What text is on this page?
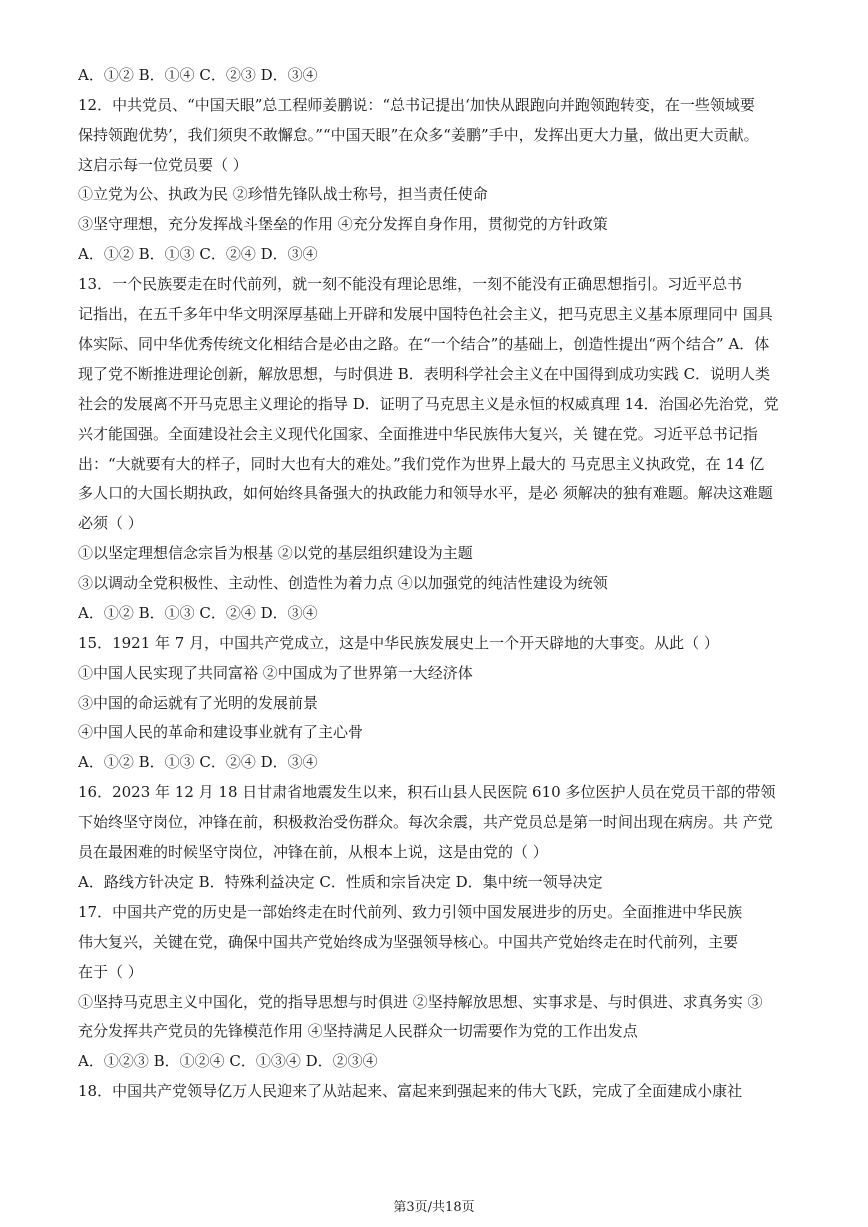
A．①② B．①④ C．②③ D．③④
12．中共党员、“中国天眼”总工程师姜鹏说：“总书记提出‘加快从跟跑向并跑领跑转变，在一些领域要
保持领跑优势’，我们须臾不敢懈怠。”“中国天眼”在众多“姜鹏”手中，发挥出更大力量，做出更大贡献。
这启示每一位党员要（ ）
①立党为公、执政为民 ②珍惜先锋队战士称号，担当责任使命
③坚守理想，充分发挥战斗堡垒的作用 ④充分发挥自身作用，贯彻党的方针政策
A．①② B．①③ C．②④ D．③④
13．一个民族要走在时代前列，就一刻不能没有理论思维，一刻不能没有正确思想指引。习近平总书
记指出，在五千多年中华文明深厚基础上开辟和发展中国特色社会主义，把马克思主义基本原理同中 国具
体实际、同中华优秀传统文化相结合是必由之路。在“一个结合”的基础上，创造性提出“两个结合” A．体
现了党不断推进理论创新，解放思想，与时俱进 B．表明科学社会主义在中国得到成功实践 C．说明人类
社会的发展离不开马克思主义理论的指导 D．证明了马克思主义是永恒的权威真理 14．治国必先治党，党
兴才能国强。全面建设社会主义现代化国家、全面推进中华民族伟大复兴，关 键在党。习近平总书记指
出：“大就要有大的样子，同时大也有大的难处。”我们党作为世界上最大的 马克思主义执政党，在 14 亿
多人口的大国长期执政，如何始终具备强大的执政能力和领导水平，是必 须解决的独有难题。解决这难题
必须（ ）
①以坚定理想信念宗旨为根基 ②以党的基层组织建设为主题
③以调动全党积极性、主动性、创造性为着力点 ④以加强党的纯洁性建设为统领
A．①② B．①③ C．②④ D．③④
15．1921 年 7 月，中国共产党成立，这是中华民族发展史上一个开天辟地的大事变。从此（ ）
①中国人民实现了共同富裕 ②中国成为了世界第一大经济体
③中国的命运就有了光明的发展前景
④中国人民的革命和建设事业就有了主心骨
A．①② B．①③ C．②④ D．③④
16．2023 年 12 月 18 日甘肃省地震发生以来，积石山县人民医院 610 多位医护人员在党员干部的带领
下始终坚守岗位，冲锋在前，积极救治受伤群众。每次余震，共产党员总是第一时间出现在病房。共 产党
员在最困难的时候坚守岗位，冲锋在前，从根本上说，这是由党的（ ）
A．路线方针决定 B．特殊利益决定 C．性质和宗旨决定 D．集中统一领导决定
17．中国共产党的历史是一部始终走在时代前列、致力引领中国发展进步的历史。全面推进中华民族
伟大复兴，关键在党，确保中国共产党始终成为坚强领导核心。中国共产党始终走在时代前列，主要
在于（ ）
①坚持马克思主义中国化，党的指导思想与时俱进 ②坚持解放思想、实事求是、与时俱进、求真务实 ③
充分发挥共产党员的先锋模范作用 ④坚持满足人民群众一切需要作为党的工作出发点
A．①②③ B．①②④ C．①③④ D．②③④
18．中国共产党领导亿万人民迎来了从站起来、富起来到强起来的伟大飞跃，完成了全面建成小康社
第3页/共18页
